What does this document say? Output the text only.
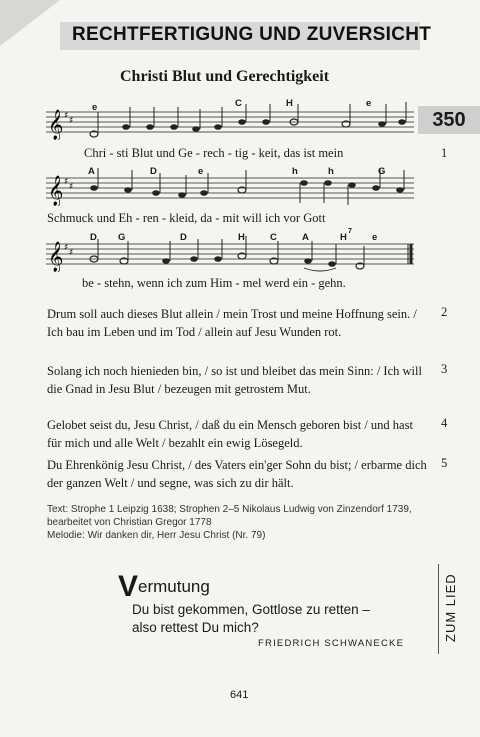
RECHTFERTIGUNG UND ZUVERSICHT
Christi Blut und Gerechtigkeit
350
𝄞 ♯ ♯
e	C	H	e
Chri - sti Blut und Ge - rech - tig - keit, das ist mein	1
𝄞 ♯ ♯
A	D	e	h	h	G
Schmuck und Eh - ren - kleid, da - mit will ich vor Gott
𝄞 ♯ ♯
D G	D	H	C	A	H
7
e
be - stehn, wenn ich zum Him - mel werd ein - gehn.
Drum soll auch dieses Blut allein / mein Trost und meine Hoffnung sein. / Ich bau im Leben und im Tod / allein auf Jesu Wunden rot.
2
Solang ich noch hienieden bin, / so ist und bleibet das mein Sinn: / Ich will die Gnad in Jesu Blut / bezeugen mit getrostem Mut.
3
Gelobet seist du, Jesu Christ, / daß du ein Mensch geboren bist / und hast für mich und alle Welt / bezahlt ein ewig Lösegeld.
4
Du Ehrenkönig Jesu Christ, / des Vaters ein'ger Sohn du bist; / erbarme dich der ganzen Welt / und segne, was sich zu dir hält.
5
Text: Strophe 1 Leipzig 1638; Strophen 2–5 Nikolaus Ludwig von Zinzendorf 1739, bearbeitet von Christian Gregor 1778
Melodie: Wir danken dir, Herr Jesu Christ (Nr. 79)
Vermutung
Du bist gekommen, Gottlose zu retten –
also rettest Du mich?
FRIEDRICH SCHWANECKE
ZUM LIED
641
